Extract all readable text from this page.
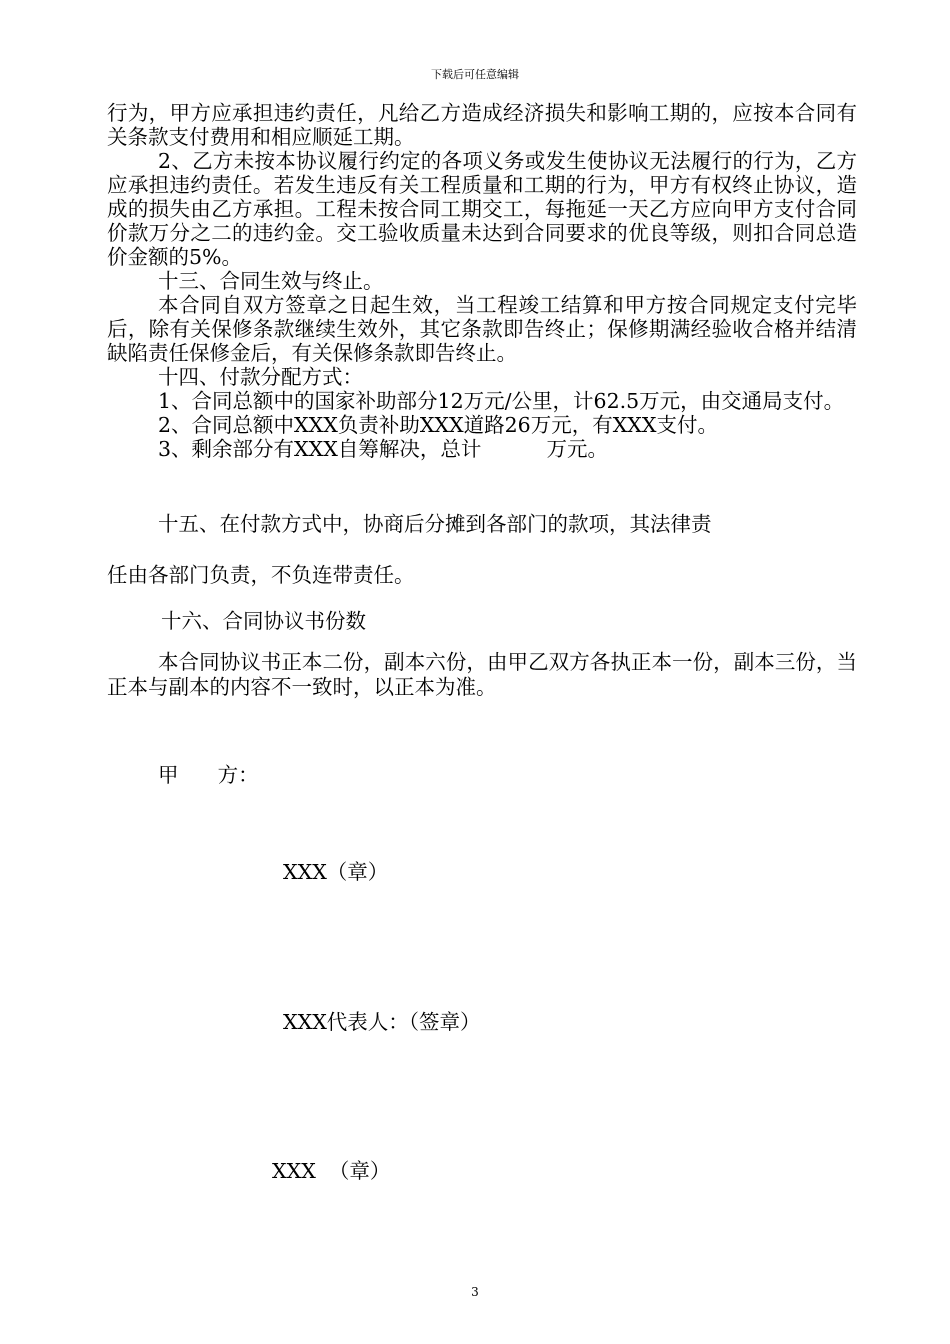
下载后可任意编辑

行为，甲方应承担违约责任，凡给乙方造成经济损失和影响工期的，应按本合同有关条款支付费用和相应顺延工期。

2、乙方未按本协议履行约定的各项义务或发生使协议无法履行的行为，乙方应承担违约责任。若发生违反有关工程质量和工期的行为，甲方有权终止协议，造成的损失由乙方承担。工程未按合同工期交工，每拖延一天乙方应向甲方支付合同价款万分之二的违约金。交工验收质量未达到合同要求的优良等级，则扣合同总造价金额的5%。

十三、合同生效与终止。

本合同自双方签章之日起生效，当工程竣工结算和甲方按合同规定支付完毕后，除有关保修条款继续生效外，其它条款即告终止；保修期满经验收合格并结清缺陷责任保修金后，有关保修条款即告终止。

十四、付款分配方式：

1、合同总额中的国家补助部分12万元/公里，计62.5万元，由交通局支付。

2、合同总额中XXX负责补助XXX道路26万元，有XXX支付。

3、剩余部分有XXX自筹解决，总计          万元。

十五、在付款方式中，协商后分摊到各部门的款项，其法律责
任由各部门负责，不负连带责任。
十六、合同协议书份数

本合同协议书正本二份，副本六份，由甲乙双方各执正本一份，副本三份，当正本与副本的内容不一致时，以正本为准。

甲      方：
XXX（章）
XXX代表人：（签章）
XXX  （章）
3
